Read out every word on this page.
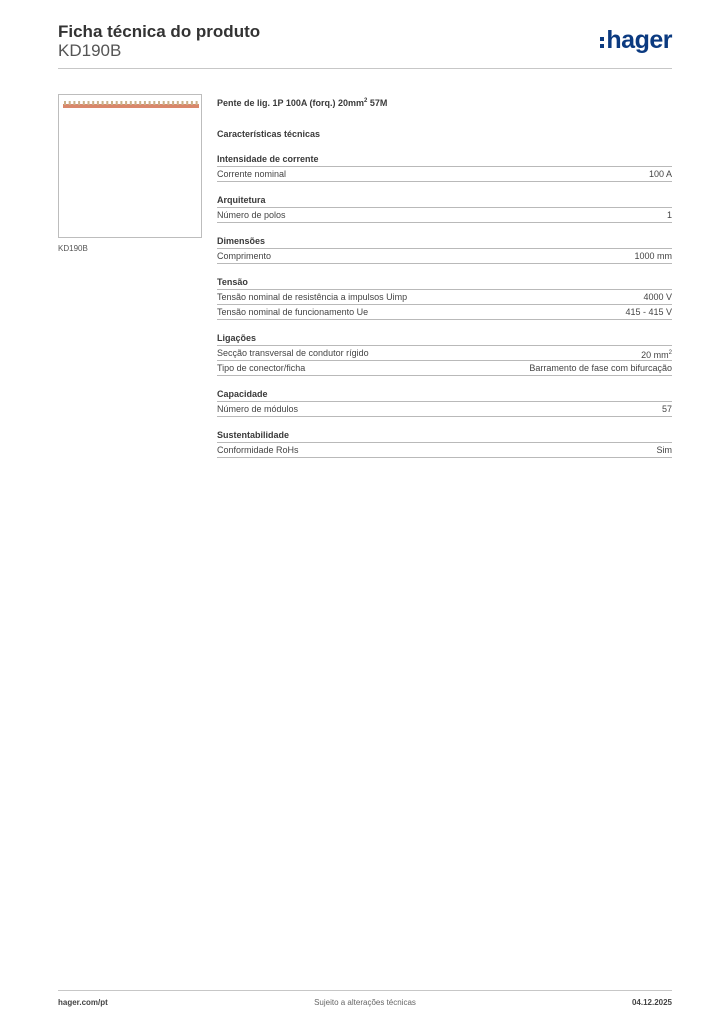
Ficha técnica do produto
KD190B	hager
KD190B
Pente de lig. 1P 100A (forq.) $20mm^2$ 57M
Características técnicas
Intensidade de corrente
Corrente nominal	100 A
Arquitetura
Número de polos	1
Dimensões
Comprimento	1000 mm
Tensão
Tensão nominal de resistência a impulsos Uimp	4000 V
Tensão nominal de funcionamento Ue	415 - 415 V
Ligações
Secção transversal de condutor rígido	20 $mm^2$
Tipo de conector/ficha	Barramento de fase com bifurcação
Capacidade
Número de módulos	57
Sustentabilidade
Conformidade RoHs	Sim
hager.com/pt	Sujeito a alterações técnicas	04.12.2025
